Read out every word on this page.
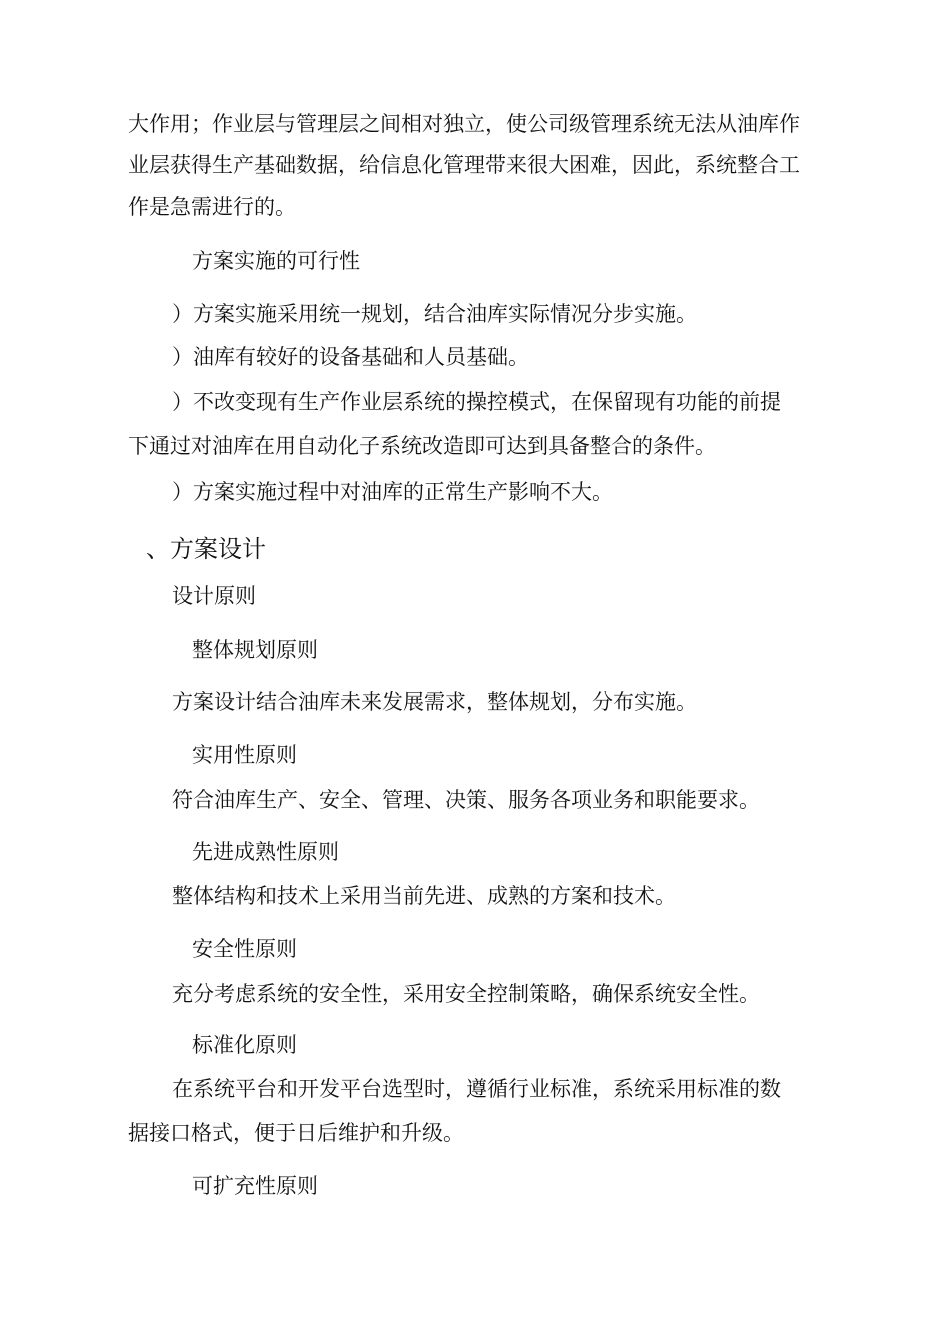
大作用；作业层与管理层之间相对独立，使公司级管理系统无法从油库作
业层获得生产基础数据，给信息化管理带来很大困难，因此，系统整合工
作是急需进行的。
方案实施的可行性
）方案实施采用统一规划，结合油库实际情况分步实施。
）油库有较好的设备基础和人员基础。
）不改变现有生产作业层系统的操控模式，在保留现有功能的前提
下通过对油库在用自动化子系统改造即可达到具备整合的条件。
）方案实施过程中对油库的正常生产影响不大。
、方案设计
设计原则
整体规划原则
方案设计结合油库未来发展需求，整体规划，分布实施。
实用性原则
符合油库生产、安全、管理、决策、服务各项业务和职能要求。
先进成熟性原则
整体结构和技术上采用当前先进、成熟的方案和技术。
安全性原则
充分考虑系统的安全性，采用安全控制策略，确保系统安全性。
标准化原则
在系统平台和开发平台选型时，遵循行业标准，系统采用标准的数
据接口格式，便于日后维护和升级。
可扩充性原则
